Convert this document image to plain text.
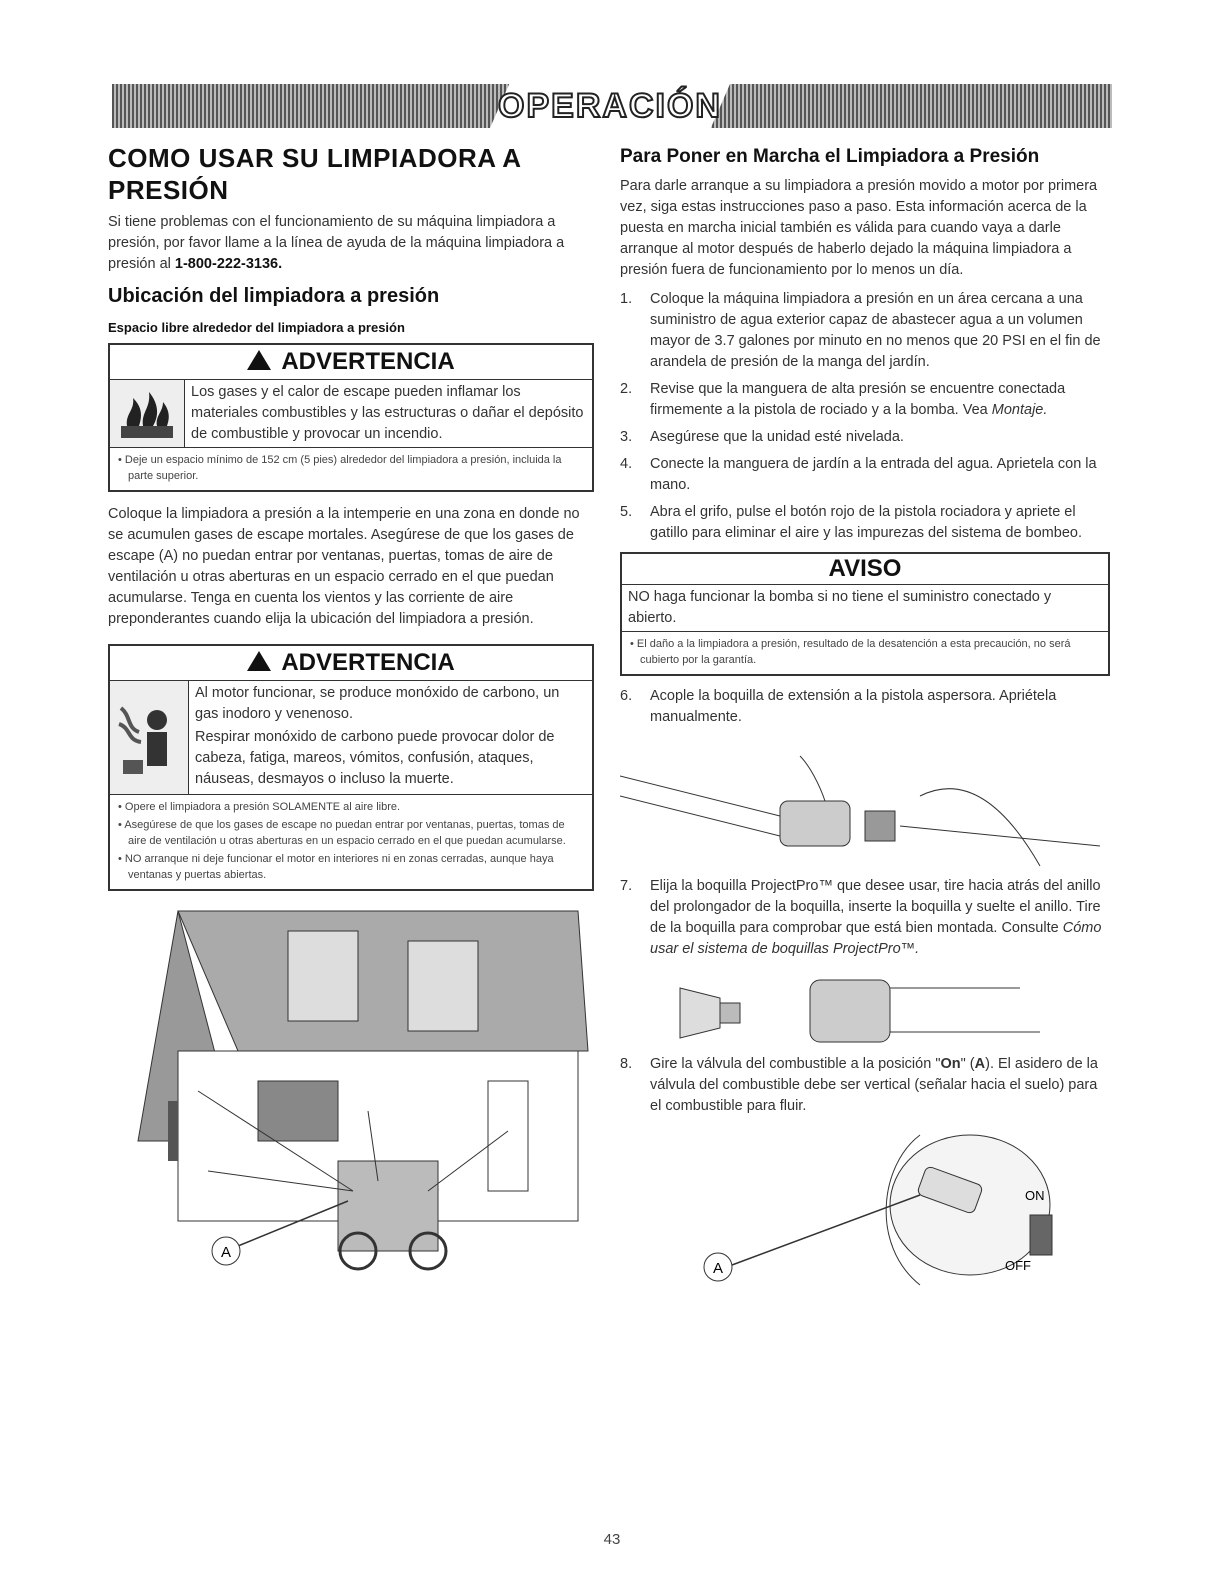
OPERACIÓN
COMO USAR SU LIMPIADORA A PRESIÓN

Si tiene problemas con el funcionamiento de su máquina limpiadora a presión, por favor llame a la línea de ayuda de la máquina limpiadora a presión al 1-800-222-3136.

Ubicación del limpiadora a presión
Espacio libre alrededor del limpiadora a presión
ADVERTENCIA
Los gases y el calor de escape pueden inflamar los materiales combustibles y las estructuras o dañar el depósito de combustible y provocar un incendio.
• Deje un espacio mínimo de 152 cm (5 pies) alrededor del limpiadora a presión, incluida la parte superior.

Coloque la limpiadora a presión a la intemperie en una zona en donde no se acumulen gases de escape mortales. Asegúrese de que los gases de escape (A) no puedan entrar por ventanas, puertas, tomas de aire de ventilación u otras aberturas en un espacio cerrado en el que puedan acumularse. Tenga en cuenta los vientos y las corriente de aire preponderantes cuando elija la ubicación del limpiadora a presión.

ADVERTENCIA
Al motor funcionar, se produce monóxido de carbono, un gas inodoro y venenoso.
Respirar monóxido de carbono puede provocar dolor de cabeza, fatiga, mareos, vómitos, confusión, ataques, náuseas, desmayos o incluso la muerte.
• Opere el limpiadora a presión SOLAMENTE al aire libre.
• Asegúrese de que los gases de escape no puedan entrar por ventanas, puertas, tomas de aire de ventilación u otras aberturas en un espacio cerrado en el que puedan acumularse.
• NO arranque ni deje funcionar el motor en interiores ni en zonas cerradas, aunque haya ventanas y puertas abiertas.
A
Para Poner en Marcha el Limpiadora a Presión

Para darle arranque a su limpiadora a presión movido a motor por primera vez, siga estas instrucciones paso a paso. Esta información acerca de la puesta en marcha inicial también es válida para cuando vaya a darle arranque al motor después de haberlo dejado la máquina limpiadora a presión fuera de funcionamiento por lo menos un día.

1.	Coloque la máquina limpiadora a presión en un área cercana a una suministro de agua exterior capaz de abastecer agua a un volumen mayor de 3.7 galones por minuto en no menos que 20 PSI en el fin de arandela de presión de la manga del jardín.
2.	Revise que la manguera de alta presión se encuentre conectada firmemente a la pistola de rociado y a la bomba. Vea Montaje.
3.	Asegúrese que la unidad esté nivelada.
4.	Conecte la manguera de jardín a la entrada del agua. Aprietela con la mano.
5.	Abra el grifo, pulse el botón rojo de la pistola rociadora y apriete el gatillo para eliminar el aire y las impurezas del sistema de bombeo.
AVISO
NO haga funcionar la bomba si no tiene el suministro conectado y abierto.
• El daño a la limpiadora a presión, resultado de la desatención a esta precaución, no será cubierto por la garantía.
6.	Acople la boquilla de extensión a la pistola aspersora. Apriétela manualmente.
7.	Elija la boquilla ProjectPro™ que desee usar, tire hacia atrás del anillo del prolongador de la boquilla, inserte la boquilla y suelte el anillo. Tire de la boquilla para comprobar que está bien montada. Consulte Cómo usar el sistema de boquillas ProjectPro™.
8.	Gire la válvula del combustible a la posición "On" (A). El asidero de la válvula del combustible debe ser vertical (señalar hacia el suelo) para el combustible para fluir.
ON
OFF
A
43
